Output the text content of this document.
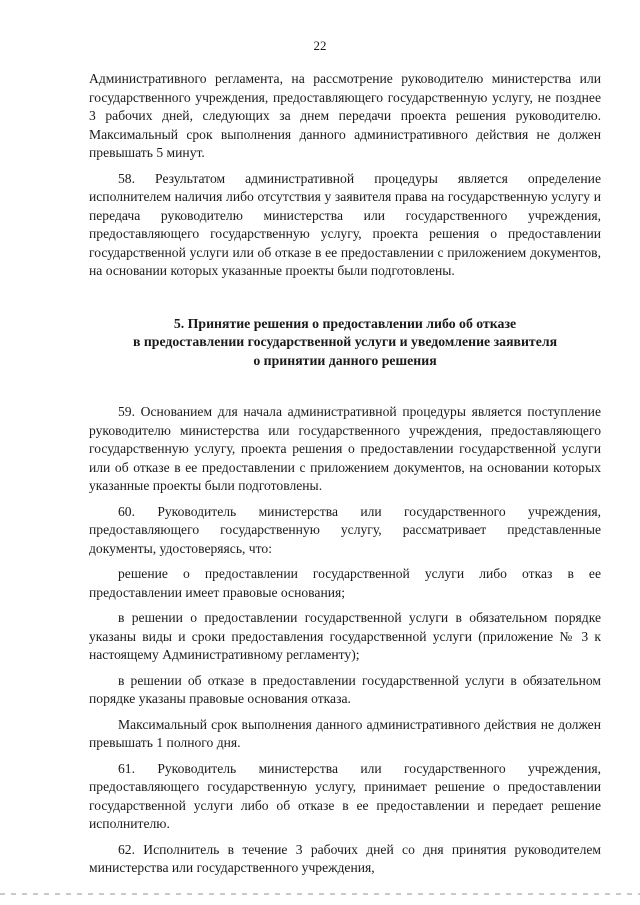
22

Административного регламента, на рассмотрение руководителю министерства или государственного учреждения, предоставляющего государственную услугу, не позднее 3 рабочих дней, следующих за днем передачи проекта решения руководителю. Максимальный срок выполнения данного административного действия не должен превышать 5 минут.

58. Результатом административной процедуры является определение исполнителем наличия либо отсутствия у заявителя права на государственную услугу и передача руководителю министерства или государственного учреждения, предоставляющего государственную услугу, проекта решения о предоставлении государственной услуги или об отказе в ее предоставлении с приложением документов, на основании которых указанные проекты были подготовлены.

5. Принятие решения о предоставлении либо об отказе
в предоставлении государственной услуги и уведомление заявителя
о принятии данного решения

59. Основанием для начала административной процедуры является поступление руководителю министерства или государственного учреждения, предоставляющего государственную услугу, проекта решения о предоставлении государственной услуги или об отказе в ее предоставлении с приложением документов, на основании которых указанные проекты были подготовлены.

60. Руководитель министерства или государственного учреждения, предоставляющего государственную услугу, рассматривает представленные документы, удостоверяясь, что:

решение о предоставлении государственной услуги либо отказ в ее предоставлении имеет правовые основания;

в решении о предоставлении государственной услуги в обязательном порядке указаны виды и сроки предоставления государственной услуги (приложение № 3 к настоящему Административному регламенту);

в решении об отказе в предоставлении государственной услуги в обязательном порядке указаны правовые основания отказа.

Максимальный срок выполнения данного административного действия не должен превышать 1 полного дня.

61. Руководитель министерства или государственного учреждения, предоставляющего государственную услугу, принимает решение о предоставлении государственной услуги либо об отказе в ее предоставлении и передает решение исполнителю.

62. Исполнитель в течение 3 рабочих дней со дня принятия руководителем министерства или государственного учреждения,
